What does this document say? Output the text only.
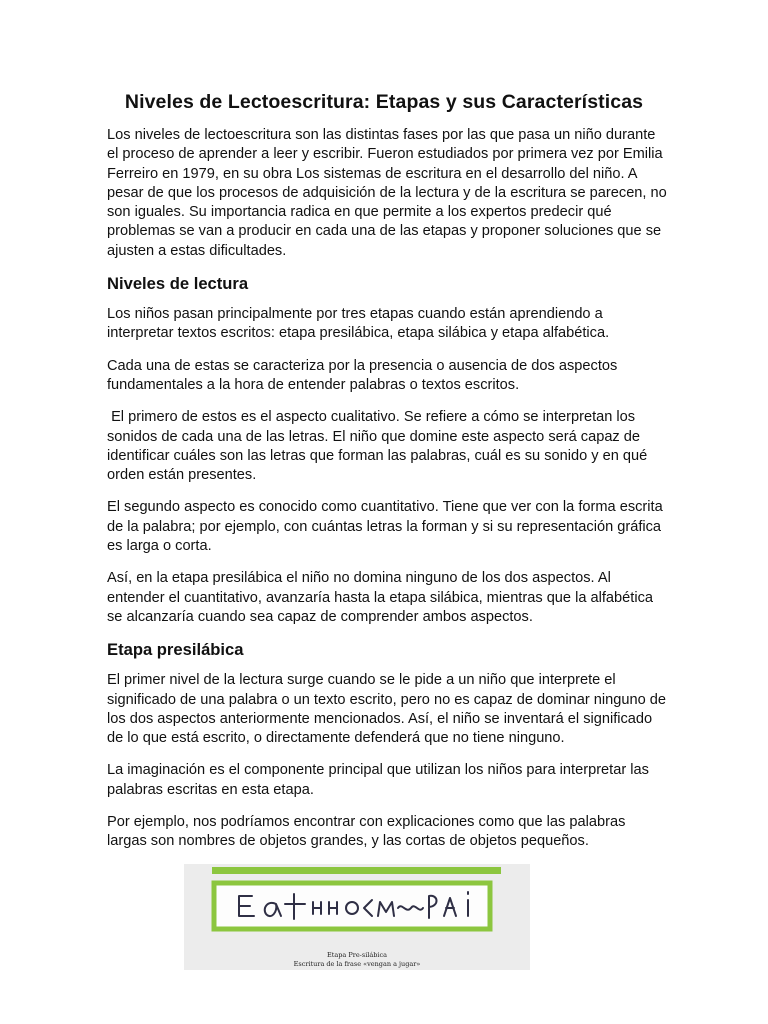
Niveles de Lectoescritura: Etapas y sus Características

Los niveles de lectoescritura son las distintas fases por las que pasa un niño durante el proceso de aprender a leer y escribir. Fueron estudiados por primera vez por Emilia Ferreiro en 1979, en su obra Los sistemas de escritura en el desarrollo del niño. A pesar de que los procesos de adquisición de la lectura y de la escritura se parecen, no son iguales. Su importancia radica en que permite a los expertos predecir qué problemas se van a producir en cada una de las etapas y proponer soluciones que se ajusten a estas dificultades.

Niveles de lectura

Los niños pasan principalmente por tres etapas cuando están aprendiendo a interpretar textos escritos: etapa presilábica, etapa silábica y etapa alfabética.

Cada una de estas se caracteriza por la presencia o ausencia de dos aspectos fundamentales a la hora de entender palabras o textos escritos.

El primero de estos es el aspecto cualitativo. Se refiere a cómo se interpretan los sonidos de cada una de las letras. El niño que domine este aspecto será capaz de identificar cuáles son las letras que forman las palabras, cuál es su sonido y en qué orden están presentes.

El segundo aspecto es conocido como cuantitativo. Tiene que ver con la forma escrita de la palabra; por ejemplo, con cuántas letras la forman y si su representación gráfica es larga o corta.

Así, en la etapa presilábica el niño no domina ninguno de los dos aspectos. Al entender el cuantitativo, avanzaría hasta la etapa silábica, mientras que la alfabética se alcanzaría cuando sea capaz de comprender ambos aspectos.

Etapa presilábica

El primer nivel de la lectura surge cuando se le pide a un niño que interprete el significado de una palabra o un texto escrito, pero no es capaz de dominar ninguno de los dos aspectos anteriormente mencionados. Así, el niño se inventará el significado de lo que está escrito, o directamente defenderá que no tiene ninguno.

La imaginación es el componente principal que utilizan los niños para interpretar las palabras escritas en esta etapa.

Por ejemplo, nos podríamos encontrar con explicaciones como que las palabras largas son nombres de objetos grandes, y las cortas de objetos pequeños.

Etapa Pre-silábica
Escritura de la frase «vengan a jugar»
